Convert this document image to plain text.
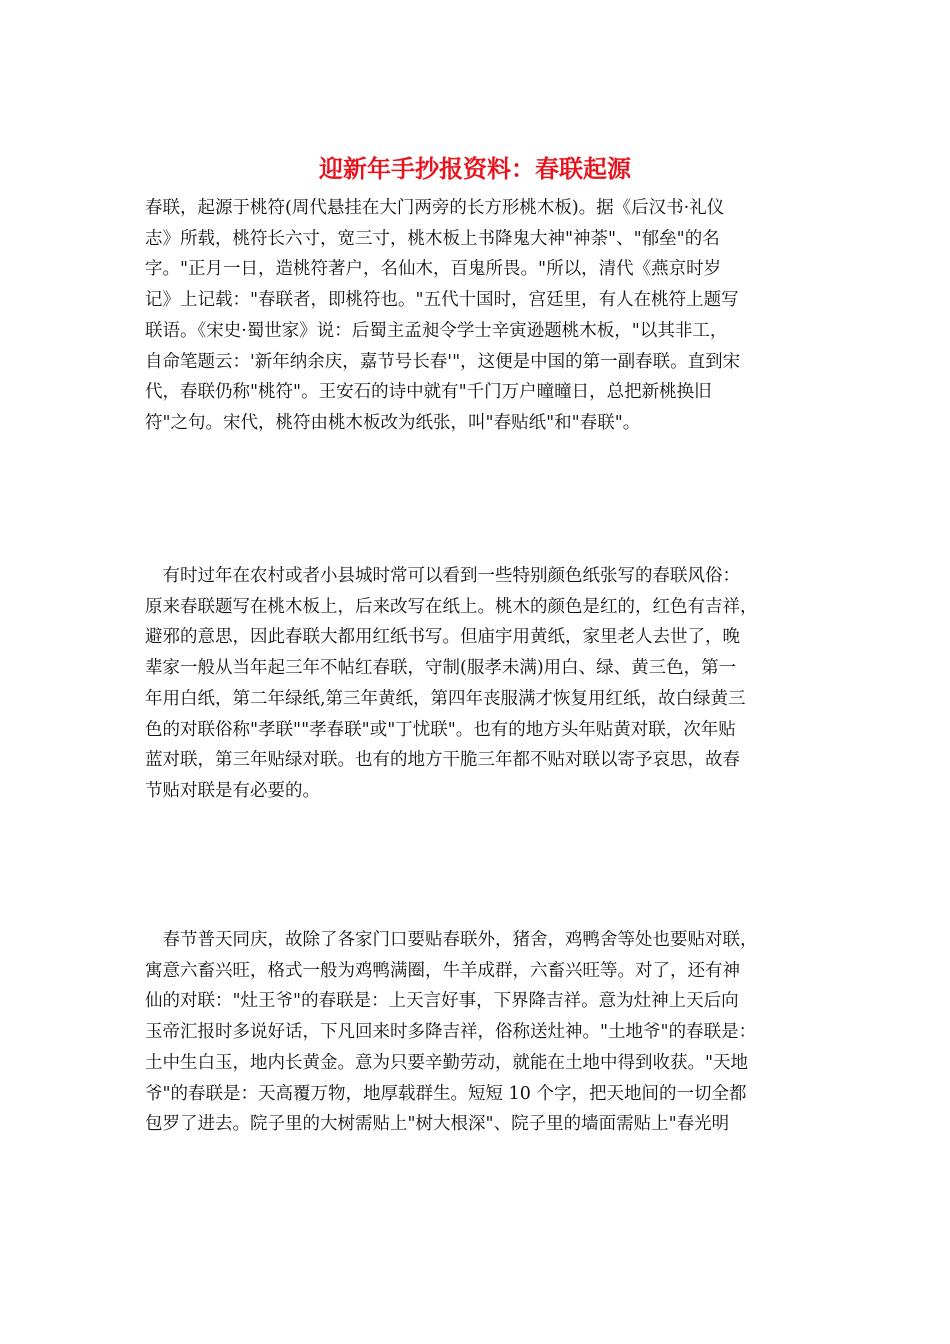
迎新年手抄报资料：春联起源
春联，起源于桃符(周代悬挂在大门两旁的长方形桃木板)。据《后汉书·礼仪
志》所载，桃符长六寸，宽三寸，桃木板上书降鬼大神"神荼"、"郁垒"的名
字。"正月一日，造桃符著户，名仙木，百鬼所畏。"所以，清代《燕京时岁
记》上记载："春联者，即桃符也。"五代十国时，宫廷里，有人在桃符上题写
联语。《宋史·蜀世家》说：后蜀主孟昶令学士辛寅逊题桃木板，"以其非工，
自命笔题云：'新年纳余庆，嘉节号长春'"，这便是中国的第一副春联。直到宋
代，春联仍称"桃符"。王安石的诗中就有"千门万户曈曈日，总把新桃换旧
符"之句。宋代，桃符由桃木板改为纸张，叫"春贴纸"和"春联"。
　有时过年在农村或者小县城时常可以看到一些特别颜色纸张写的春联风俗：
原来春联题写在桃木板上，后来改写在纸上。桃木的颜色是红的，红色有吉祥，
避邪的意思，因此春联大都用红纸书写。但庙宇用黄纸，家里老人去世了，晚
辈家一般从当年起三年不帖红春联，守制(服孝未满)用白、绿、黄三色，第一
年用白纸，第二年绿纸,第三年黄纸，第四年丧服满才恢复用红纸，故白绿黄三
色的对联俗称"孝联""孝春联"或"丁忧联"。也有的地方头年贴黄对联，次年贴
蓝对联，第三年贴绿对联。也有的地方干脆三年都不贴对联以寄予哀思，故春
节贴对联是有必要的。
　春节普天同庆，故除了各家门口要贴春联外，猪舍，鸡鸭舍等处也要贴对联，
寓意六畜兴旺，格式一般为鸡鸭满圈，牛羊成群，六畜兴旺等。对了，还有神
仙的对联："灶王爷"的春联是：上天言好事，下界降吉祥。意为灶神上天后向
玉帝汇报时多说好话，下凡回来时多降吉祥，俗称送灶神。"土地爷"的春联是：
土中生白玉，地内长黄金。意为只要辛勤劳动，就能在土地中得到收获。"天地
爷"的春联是：天高覆万物，地厚载群生。短短 10 个字，把天地间的一切全都
包罗了进去。院子里的大树需贴上"树大根深"、院子里的墙面需贴上"春光明
